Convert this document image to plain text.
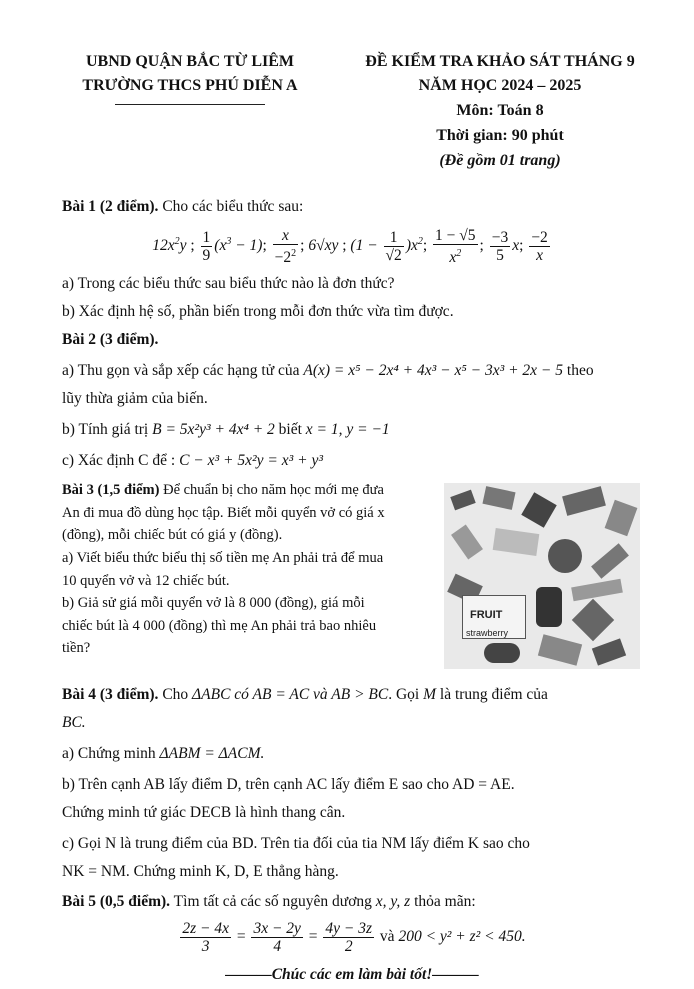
UBND QUẬN BẮC TỪ LIÊM
TRƯỜNG THCS PHÚ DIỄN A
ĐỀ KIỂM TRA KHẢO SÁT THÁNG 9
NĂM HỌC 2024 – 2025
Môn: Toán 8
Thời gian: 90 phút
(Đề gồm 01 trang)
Bài 1 (2 điểm). Cho các biểu thức sau:
$12x^2y$ ; $\frac{1}{9} (x^3 - 1)$; $\frac{x}{-2^2}$ ; 6√xy ; $(1 - \frac{1}{√2} )x^2$; $\frac{1 - √5}{x^2}$ ; $\frac{-3}{5} x$; $\frac{-2}{x}$
a) Trong các biểu thức sau biểu thức nào là đơn thức?
b) Xác định hệ số, phần biến trong mỗi đơn thức vừa tìm được.
Bài 2 (3 điểm).
a) Thu gọn và sắp xếp các hạng tử của A(x) = x⁵ − 2x⁴ + 4x³ − x⁵ − 3x³ + 2x − 5 theo
lũy thừa giảm của biến.
b) Tính giá trị B = 5x²y³ + 4x⁴ + 2 biết x = 1, y = −1
c) Xác định C để : C − x³ + 5x²y = x³ + y³
Bài 3 (1,5 điểm) Để chuẩn bị cho năm học mới mẹ đưa
An đi mua đồ dùng học tập. Biết mỗi quyển vở có giá x
(đồng), mỗi chiếc bút có giá y (đồng).
a) Viết biểu thức biểu thị số tiền mẹ An phải trả để mua
10 quyển vở và 12 chiếc bút.
b) Giả sử giá mỗi quyển vở là 8 000 (đồng), giá mỗi
chiếc bút là 4 000 (đồng) thì mẹ An phải trả bao nhiêu
tiền?
FRUIT
strawberry
Bài 4 (3 điểm). Cho ΔABC có AB = AC và AB > BC. Gọi M là trung điểm của
BC.
a) Chứng minh ΔABM = ΔACM.
b) Trên cạnh AB lấy điểm D, trên cạnh AC lấy điểm E sao cho AD = AE.
Chứng minh tứ giác DECB là hình thang cân.
c) Gọi N là trung điểm của BD. Trên tia đối của tia NM lấy điểm K sao cho
NK = NM. Chứng minh K, D, E thẳng hàng.
Bài 5 (0,5 điểm). Tìm tất cả các số nguyên dương x, y, z thỏa mãn:
$\frac{2z - 4x}{3} = \frac{3x - 2y}{4} = \frac{4y - 3z}{2}$ và 200 < y² + z² < 450.
———Chúc các em làm bài tốt!———
